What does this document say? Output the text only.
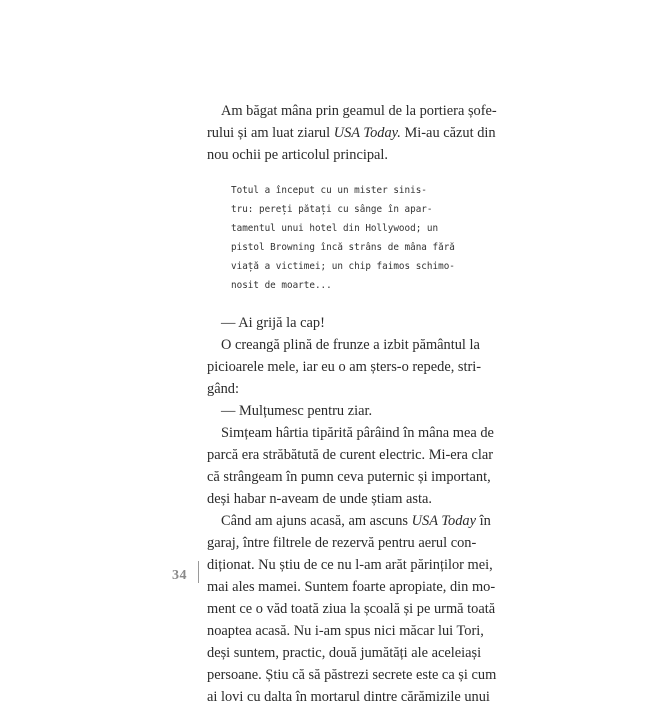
Am băgat mâna prin geamul de la portiera șofe-
rului și am luat ziarul USA Today. Mi-au căzut din
nou ochii pe articolul principal.
Totul a început cu un mister sinis-
tru: pereți pătați cu sânge în apar-
tamentul unui hotel din Hollywood; un
pistol Browning încă strâns de mâna fără
viață a victimei; un chip faimos schimo-
nosit de moarte...
— Ai grijă la cap!
O creangă plină de frunze a izbit pământul la
picioarele mele, iar eu o am șters-o repede, stri-
gând:
— Mulțumesc pentru ziar.
Simțeam hârtia tipărită pârâind în mâna mea de
parcă era străbătută de curent electric. Mi-era clar
că strângeam în pumn ceva puternic și important,
deși habar n-aveam de unde știam asta.
Când am ajuns acasă, am ascuns USA Today în
garaj, între filtrele de rezervă pentru aerul con-
diționat. Nu știu de ce nu l-am arăt părinților mei,
mai ales mamei. Suntem foarte apropiate, din mo-
ment ce o văd toată ziua la școală și pe urmă toată
noaptea acasă. Nu i-am spus nici măcar lui Tori,
deși suntem, practic, două jumătăți ale aceleiași
persoane. Știu că să păstrezi secrete este ca și cum
ai lovi cu dalta în mortarul dintre cărămizile unui
34
